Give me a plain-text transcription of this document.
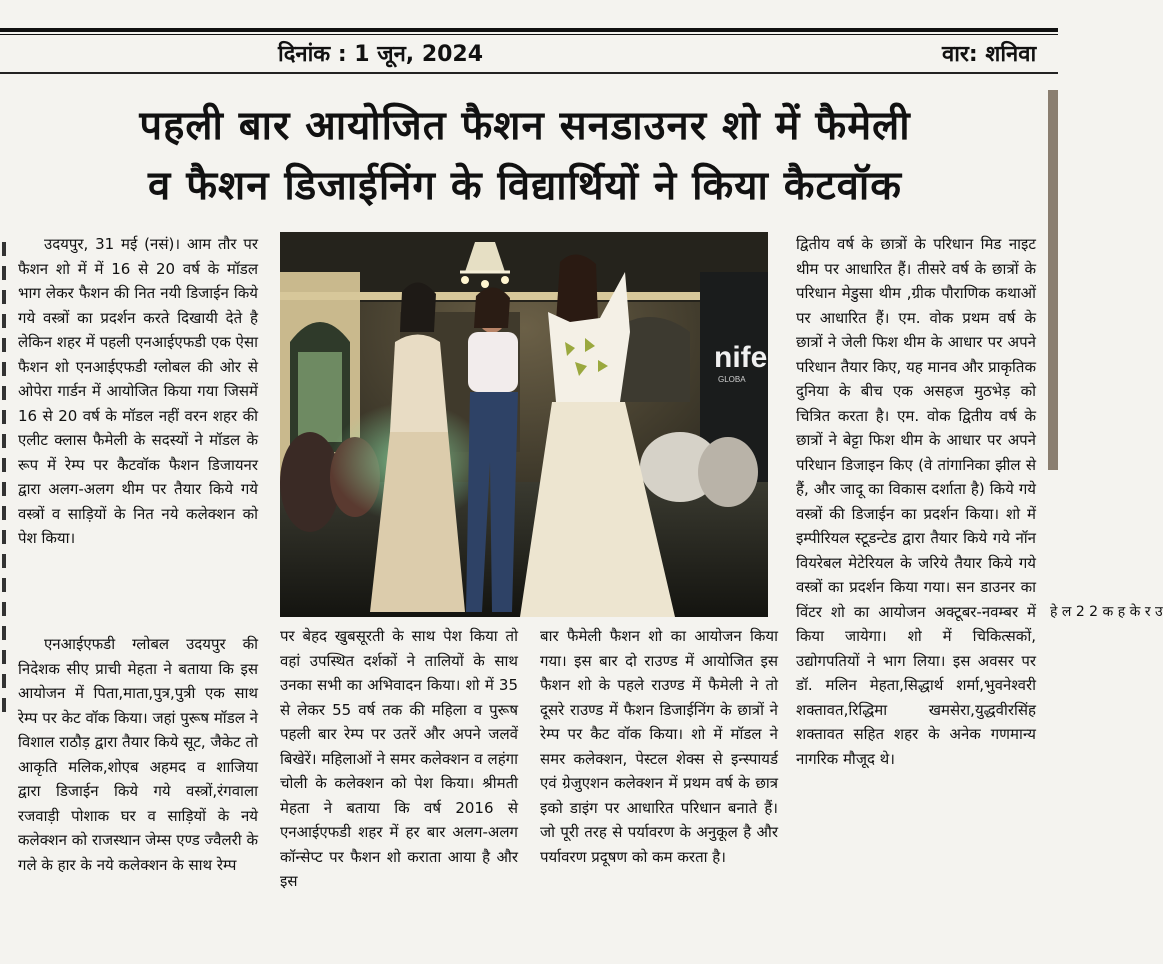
दिनांक : 1 जून, 2024	वार: शनिवा
पहली बार आयोजित फैशन सनडाउनर शो में फैमेली
व फैशन डिजाईनिंग के विद्यार्थियों ने किया कैटवॉक
हे ल 2 2 क ह के र उ

उदयपुर, 31 मई (नसं)। आम तौर पर फैशन शो में में 16 से 20 वर्ष के मॉडल भाग लेकर फैशन की नित नयी डिजाईन किये गये वस्त्रों का प्रदर्शन करते दिखायी देते है लेकिन शहर में पहली एनआईएफडी एक ऐसा फैशन शो एनआईएफडी ग्लोबल की ओर से ओपेरा गार्डन में आयोजित किया गया जिसमें 16 से 20 वर्ष के मॉडल नहीं वरन शहर की एलीट क्लास फैमेली के सदस्यों ने मॉडल के रूप में रेम्प पर कैटवॉक फैशन डिजायनर द्वारा अलग-अलग थीम पर तैयार किये गये वस्त्रों व साड़ियों के नित नये कलेक्शन को पेश किया।

एनआईएफडी ग्लोबल उदयपुर की निदेशक सीए प्राची मेहता ने बताया कि इस आयोजन में पिता,माता,पुत्र,पुत्री एक साथ रेम्प पर केट वॉक किया। जहां पुरूष मॉडल ने विशाल राठौड़ द्वारा तैयार किये सूट, जैकेट तो आकृति मलिक,शोएब अहमद व शाजिया द्वारा डिजाईन किये गये वस्त्रों,रंगवाला रजवाड़ी पोशाक घर व साड़ियों के नये कलेक्शन को राजस्थान जेम्स एण्ड ज्वैलरी के गले के हार के नये कलेक्शन के साथ रेम्प

पर बेहद खुबसूरती के साथ पेश किया तो वहां उपस्थित दर्शकों ने तालियों के साथ उनका सभी का अभिवादन किया। शो में 35 से लेकर 55 वर्ष तक की महिला व पुरूष पहली बार रेम्प पर उतरें और अपने जलवें बिखेरें। महिलाओं ने समर कलेक्शन व लहंगा चोली के कलेक्शन को पेश किया। श्रीमती मेहता ने बताया कि वर्ष 2016 से एनआईएफडी शहर में हर बार अलग-अलग कॉन्सेप्ट पर फैशन शो कराता आया है और इस

बार फैमेली फैशन शो का आयोजन किया गया। इस बार दो राउण्ड में आयोजित इस फैशन शो के पहले राउण्ड में फैमेली ने तो दूसरे राउण्ड में फैशन डिजाईनिंग के छात्रों ने रेम्प पर कैट वॉक किया। शो में मॉडल ने समर कलेक्शन, पेस्टल शेक्स से इन्स्पायर्ड एवं ग्रेजुएशन कलेक्शन में प्रथम वर्ष के छात्र इको डाइंग पर आधारित परिधान बनाते हैं। जो पूरी तरह से पर्यावरण के अनुकूल है और पर्यावरण प्रदूषण को कम करता है।

द्वितीय वर्ष के छात्रों के परिधान मिड नाइट थीम पर आधारित हैं। तीसरे वर्ष के छात्रों के परिधान मेडुसा थीम ,ग्रीक पौराणिक कथाओं पर आधारित हैं। एम. वोक प्रथम वर्ष के छात्रों ने जेली फिश थीम के आधार पर अपने परिधान तैयार किए, यह मानव और प्राकृतिक दुनिया के बीच एक असहज मुठभेड़ को चित्रित करता है। एम. वोक द्वितीय वर्ष के छात्रों ने बेट्टा फिश थीम के आधार पर अपने परिधान डिजाइन किए (वे तांगानिका झील से हैं, और जादू का विकास दर्शाता है) किये गये वस्त्रों की डिजाईन का प्रदर्शन किया। शो में इम्पीरियल स्टूडन्टेड द्वारा तैयार किये गये नॉन वियरेबल मेटेरियल के जरिये तैयार किये गये वस्त्रों का प्रदर्शन किया गया। सन डाउनर का विंटर शो का आयोजन अक्टूबर-नवम्बर में किया जायेगा। शो में चिकित्सकों, उद्योगपतियों ने भाग लिया। इस अवसर पर डॉ. मलिन मेहता,सिद्धार्थ शर्मा,भुवनेश्वरी शक्तावत,रिद्धिमा खमसेरा,युद्धवीरसिंह शक्तावत सहित शहर के अनेक गणमान्य नागरिक मौजूद थे।

nife
GLOBA
